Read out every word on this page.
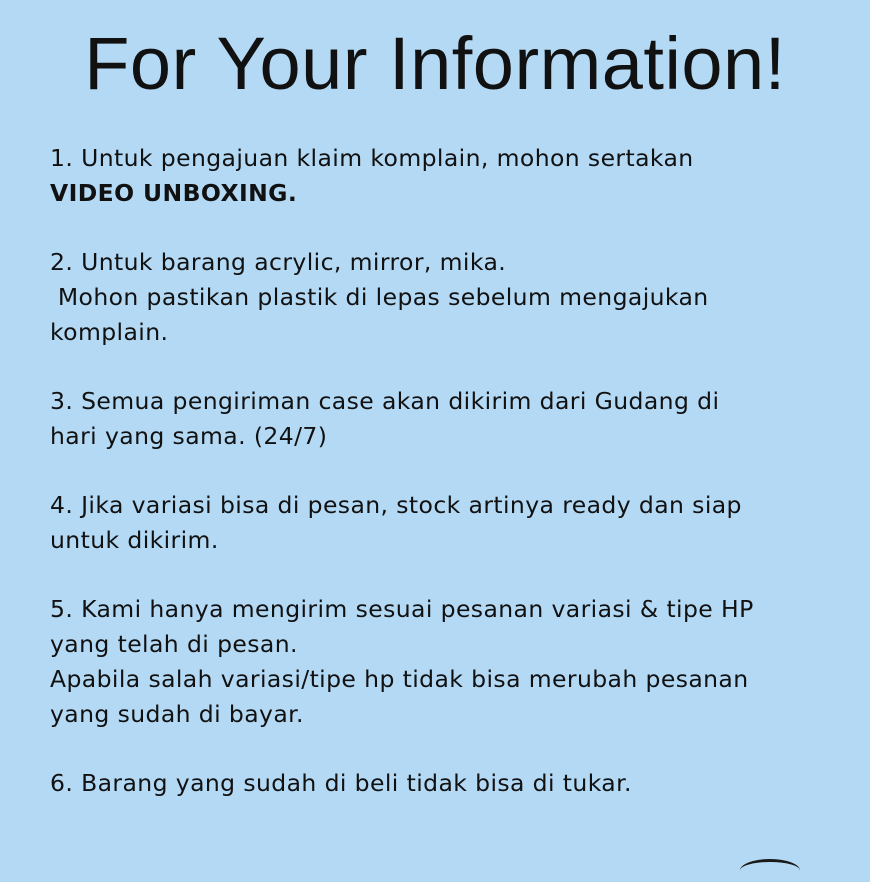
For Your Information!
1. Untuk pengajuan klaim komplain, mohon sertakan
VIDEO UNBOXING.
2. Untuk barang acrylic, mirror, mika.
Mohon pastikan plastik di lepas sebelum mengajukan
komplain.
3. Semua pengiriman case akan dikirim dari Gudang di
hari yang sama. (24/7)
4. Jika variasi bisa di pesan, stock artinya ready dan siap
untuk dikirim.
5. Kami hanya mengirim sesuai pesanan variasi & tipe HP
yang telah di pesan.
Apabila salah variasi/tipe hp tidak bisa merubah pesanan
yang sudah di bayar.
6. Barang yang sudah di beli tidak bisa di tukar.
